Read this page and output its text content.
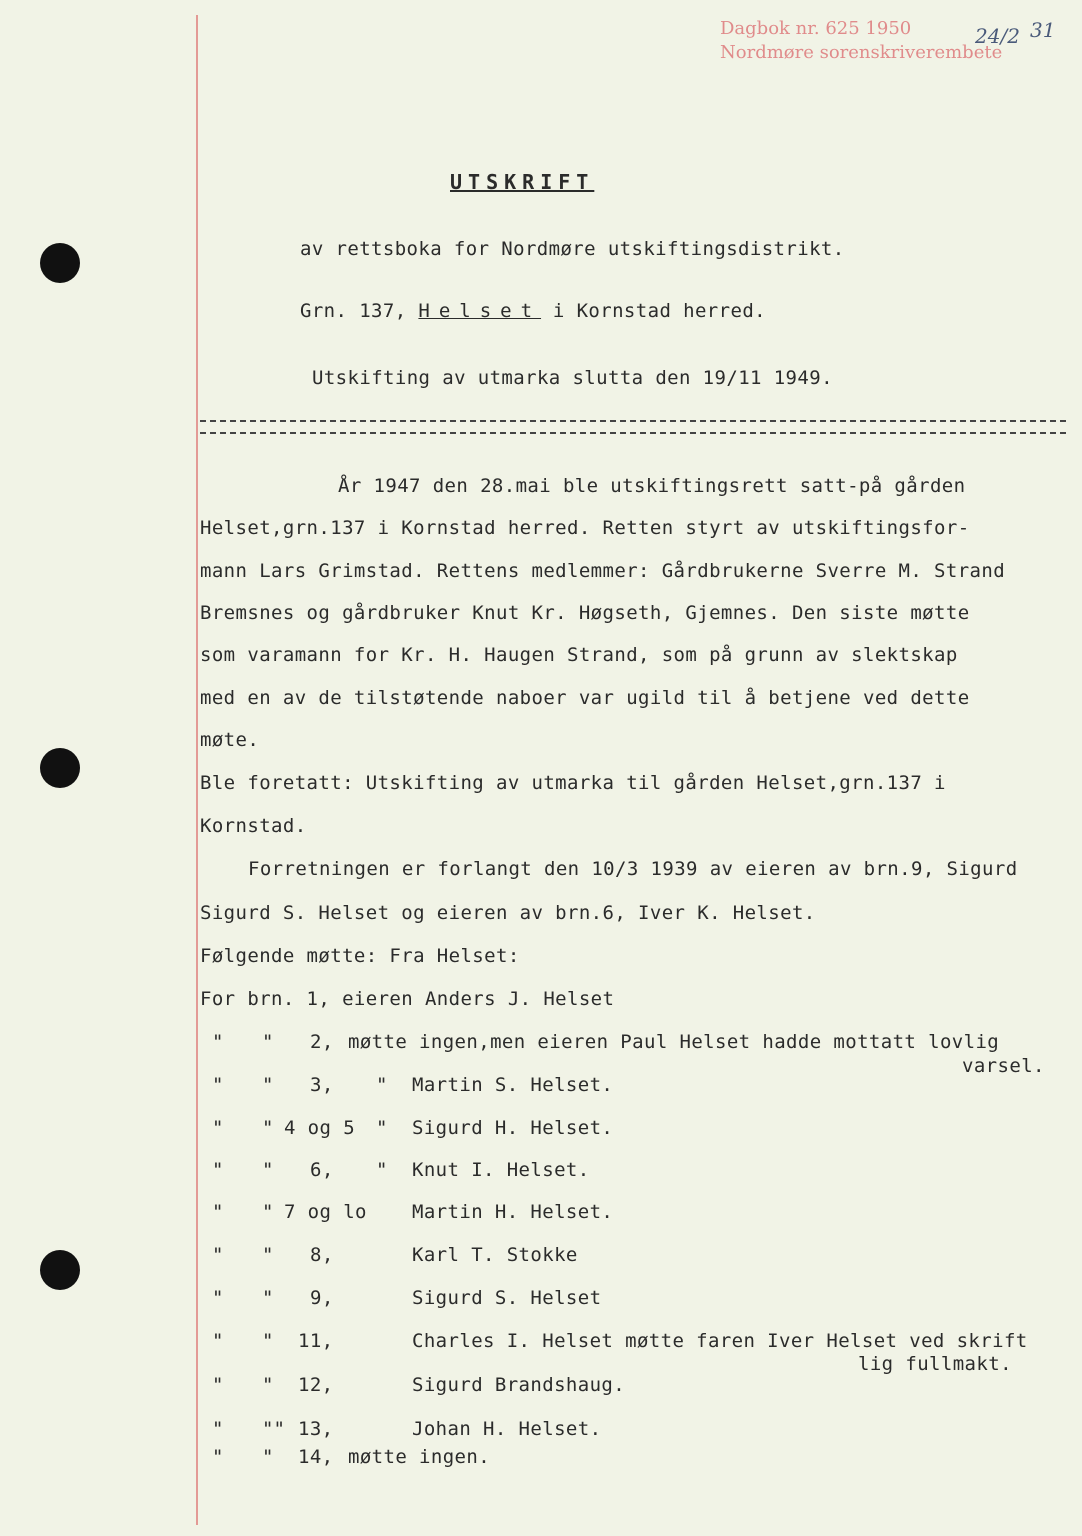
Dagbok nr. 625 1950
Nordmøre sorenskriverembete
24/2 31
UTSKRIFT
av rettsboka for Nordmøre utskiftingsdistrikt.
Grn. 137, Helset i Kornstad herred.
Utskifting av utmarka slutta den 19/11 1949.
År 1947 den 28.mai ble utskiftingsrett satt-på gården
Helset,grn.137 i Kornstad herred. Retten styrt av utskiftingsfor-
mann Lars Grimstad. Rettens medlemmer: Gårdbrukerne Sverre M. Strand
Bremsnes og gårdbruker Knut Kr. Høgseth, Gjemnes. Den siste møtte
som varamann for Kr. H. Haugen Strand, som på grunn av slektskap
med en av de tilstøtende naboer var ugild til å betjene ved dette
møte.
Ble foretatt: Utskifting av utmarka til gården Helset,grn.137 i
Kornstad.
Forretningen er forlangt den 10/3 1939 av eieren av brn.9, Sigurd
Sigurd S. Helset og eieren av brn.6, Iver K. Helset.
Følgende møtte: Fra Helset:
For brn. 1, eieren Anders J. Helset
" " 2, møtte ingen,men eieren Paul Helset hadde mottatt lovlig
varsel.
" " 3, " Martin S. Helset.
" " 4 og 5 " Sigurd H. Helset.
" " 6, " Knut I. Helset.
" " 7 og lo Martin H. Helset.
" " 8,	Karl T. Stokke
" " 9,	Sigurd S. Helset
" " 11,	Charles I. Helset møtte faren Iver Helset ved skrift
lig fullmakt.
" " 12,	Sigurd Brandshaug.
" "" 13,	Johan H. Helset.
" " 14, møtte ingen.
